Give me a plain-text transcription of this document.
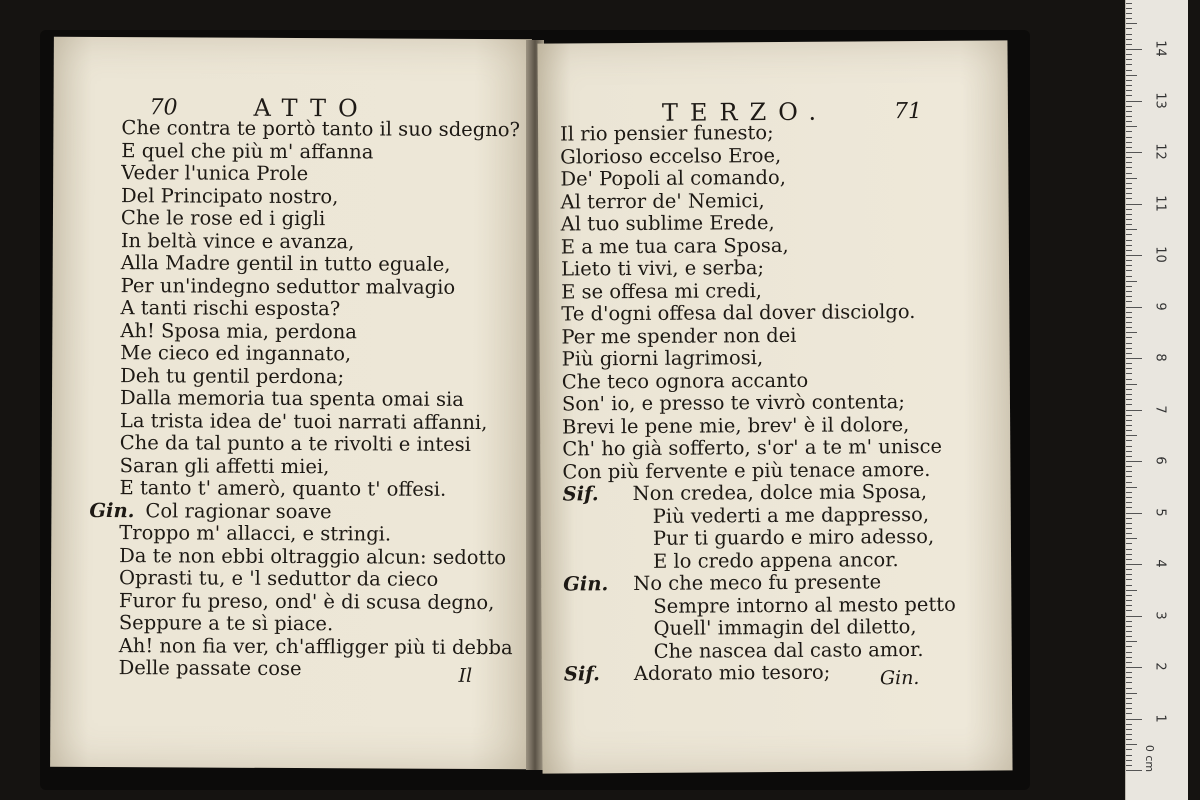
70	ATTO
Che contra te portò tanto il suo sdegno?
E quel che più m' affanna
Veder l'unica Prole
Del Principato nostro,
Che le rose ed i gigli
In beltà vince e avanza,
Alla Madre gentil in tutto eguale,
Per un'indegno seduttor malvagio
A tanti rischi esposta?
Ah! Sposa mia, perdona
Me cieco ed ingannato,
Deh tu gentil perdona;
Dalla memoria tua spenta omai sia
La trista idea de' tuoi narrati affanni,
Che da tal punto a te rivolti e intesi
Saran gli affetti miei,
E tanto t' amerò, quanto t' offesi.
Gin. Col ragionar soave
Troppo m' allacci, e stringi.
Da te non ebbi oltraggio alcun: sedotto
Oprasti tu, e 'l seduttor da cieco
Furor fu preso, ond' è di scusa degno,
Seppure a te sì piace.
Ah! non fia ver, ch'affligger più ti debba
Delle passate cose	Il
TERZO.	71
Il rio pensier funesto;
Glorioso eccelso Eroe,
De' Popoli al comando,
Al terror de' Nemici,
Al tuo sublime Erede,
E a me tua cara Sposa,
Lieto ti vivi, e serba;
E se offesa mi credi,
Te d'ogni offesa dal dover disciolgo.
Per me spender non dei
Più giorni lagrimosi,
Che teco ognora accanto
Son' io, e presso te vivrò contenta;
Brevi le pene mie, brev' è il dolore,
Ch' ho già sofferto, s'or' a te m' unisce
Con più fervente e più tenace amore.
Sif.	Non credea, dolce mia Sposa,
Più vederti a me dappresso,
Pur ti guardo e miro adesso,
E lo credo appena ancor.
Gin.	No che meco fu presente
Sempre intorno al mesto petto
Quell' immagin del diletto,
Che nascea dal casto amor.
Sif.	Adorato mio tesoro;	Gin.
0 cm
1
2
3
4
5
6
7
8
9
10
11
12
13
14
